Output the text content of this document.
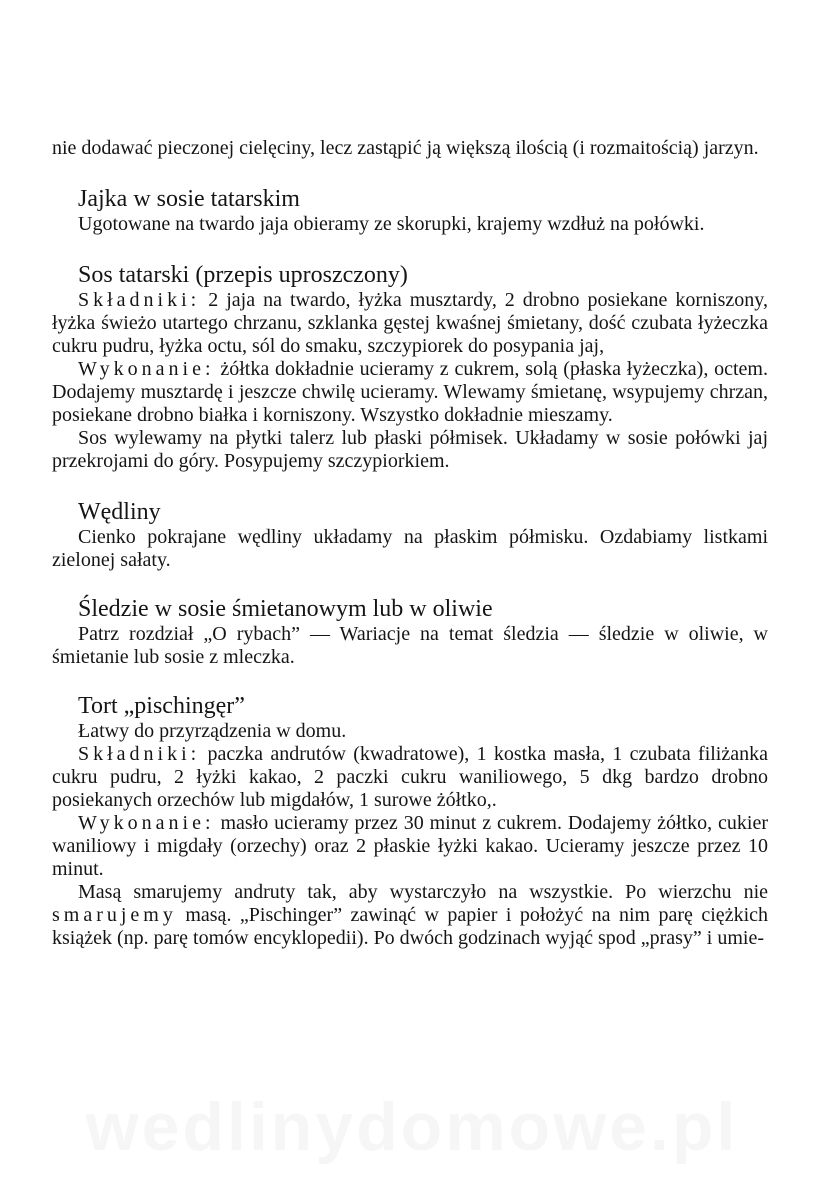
nie dodawać pieczonej cielęciny, lecz zastąpić ją większą ilością (i rozmaitością) jarzyn.

Jajka w sosie tatarskim

Ugotowane na twardo jaja obieramy ze skorupki, krajemy wzdłuż na połówki.

Sos tatarski (przepis uproszczony)

Składniki: 2 jaja na twardo, łyżka musztardy, 2 drobno posiekane korniszony, łyżka świeżo utartego chrzanu, szklanka gęstej kwaśnej śmietany, dość czubata łyżeczka cukru pudru, łyżka octu, sól do smaku, szczypiorek do posypania jaj,

Wykonanie: żółtka dokładnie ucieramy z cukrem, solą (płaska łyżeczka), octem. Dodajemy musztardę i jeszcze chwilę ucieramy. Wlewamy śmietanę, wsypujemy chrzan, posiekane drobno białka i korniszony. Wszystko dokładnie mieszamy.

Sos wylewamy na płytki talerz lub płaski półmisek. Układamy w sosie połówki jaj przekrojami do góry. Posypujemy szczypiorkiem.

Wędliny

Cienko pokrajane wędliny układamy na płaskim półmisku. Ozdabiamy listkami zielonej sałaty.

Śledzie w sosie śmietanowym lub w oliwie

Patrz rozdział „O rybach” — Wariacje na temat śledzia — śledzie w oliwie, w śmietanie lub sosie z mleczka.

Tort „pischingęr”

Łatwy do przyrządzenia w domu.

Składniki: paczka andrutów (kwadratowe), 1 kostka masła, 1 czubata filiżanka cukru pudru, 2 łyżki kakao, 2 paczki cukru waniliowego, 5 dkg bardzo drobno posiekanych orzechów lub migdałów, 1 surowe żółtko,.

Wykonanie: masło ucieramy przez 30 minut z cukrem. Dodajemy żółtko, cukier waniliowy i migdały (orzechy) oraz 2 płaskie łyżki kakao. Ucieramy jeszcze przez 10 minut.

Masą smarujemy andruty tak, aby wystarczyło na wszystkie. Po wierzchu nie smarujemy masą. „Pischinger” zawinąć w papier i położyć na nim parę ciężkich książek (np. parę tomów encyklopedii). Po dwóch godzinach wyjąć spod „prasy” i umie-

wedlinydomowe.pl
